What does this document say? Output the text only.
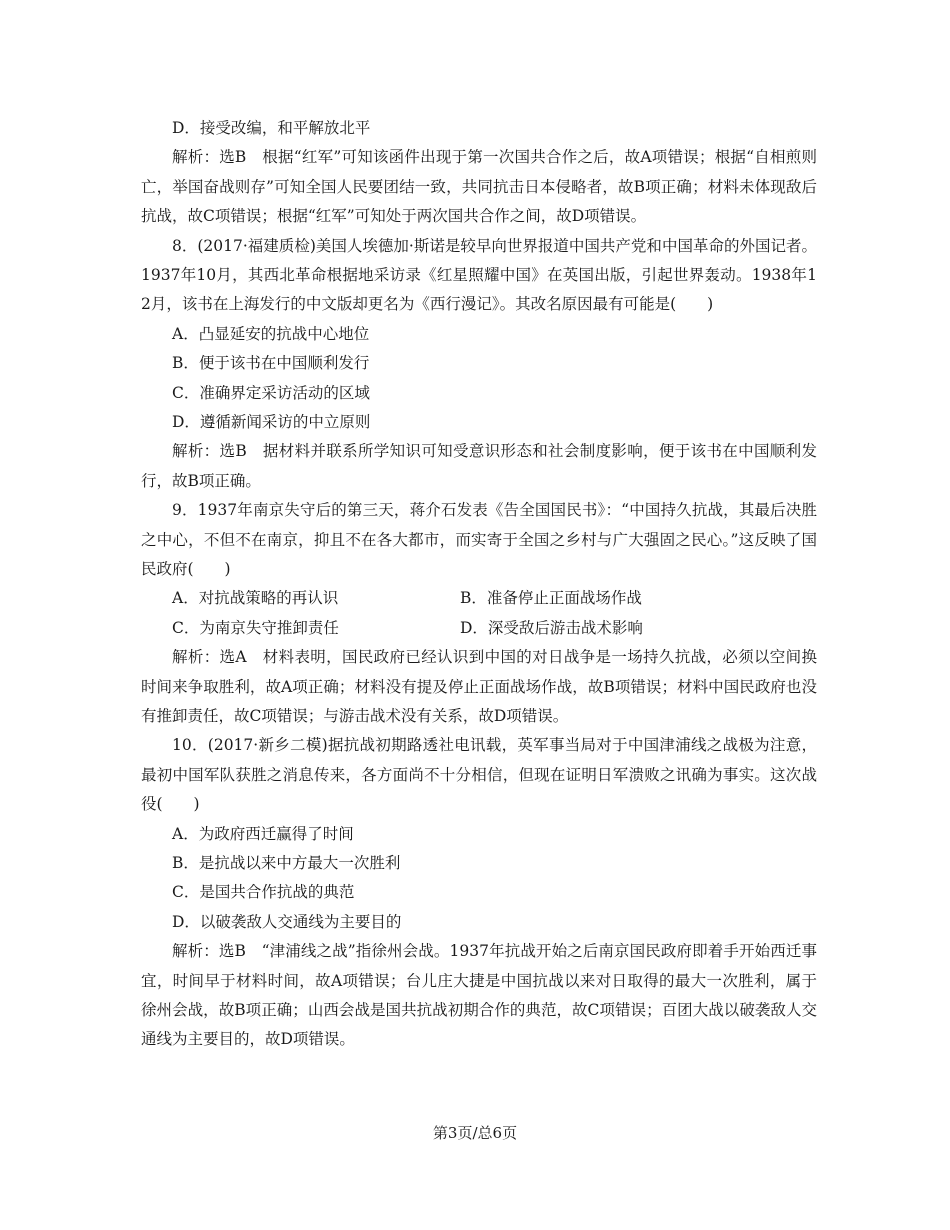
D．接受改编，和平解放北平

解析：选B　根据“红军”可知该函件出现于第一次国共合作之后，故A项错误；根据“自相煎则亡，举国奋战则存”可知全国人民要团结一致，共同抗击日本侵略者，故B项正确；材料未体现敌后抗战，故C项错误；根据“红军”可知处于两次国共合作之间，故D项错误。

8．(2017·福建质检)美国人埃德加·斯诺是较早向世界报道中国共产党和中国革命的外国记者。1937年10月，其西北革命根据地采访录《红星照耀中国》在英国出版，引起世界轰动。1938年12月，该书在上海发行的中文版却更名为《西行漫记》。其改名原因最有可能是(　　)

A．凸显延安的抗战中心地位
B．便于该书在中国顺利发行
C．准确界定采访活动的区域
D．遵循新闻采访的中立原则

解析：选B　据材料并联系所学知识可知受意识形态和社会制度影响，便于该书在中国顺利发行，故B项正确。

9．1937年南京失守后的第三天，蒋介石发表《告全国国民书》：“中国持久抗战，其最后决胜之中心，不但不在南京，抑且不在各大都市，而实寄于全国之乡村与广大强固之民心。”这反映了国民政府(　　)

A．对抗战策略的再认识	B．准备停止正面战场作战
C．为南京失守推卸责任	D．深受敌后游击战术影响

解析：选A　材料表明，国民政府已经认识到中国的对日战争是一场持久抗战，必须以空间换时间来争取胜利，故A项正确；材料没有提及停止正面战场作战，故B项错误；材料中国民政府也没有推卸责任，故C项错误；与游击战术没有关系，故D项错误。

10．(2017·新乡二模)据抗战初期路透社电讯载，英军事当局对于中国津浦线之战极为注意，最初中国军队获胜之消息传来，各方面尚不十分相信，但现在证明日军溃败之讯确为事实。这次战役(　　)

A．为政府西迁赢得了时间
B．是抗战以来中方最大一次胜利
C．是国共合作抗战的典范
D．以破袭敌人交通线为主要目的

解析：选B　“津浦线之战”指徐州会战。1937年抗战开始之后南京国民政府即着手开始西迁事宜，时间早于材料时间，故A项错误；台儿庄大捷是中国抗战以来对日取得的最大一次胜利，属于徐州会战，故B项正确；山西会战是国共抗战初期合作的典范，故C项错误；百团大战以破袭敌人交通线为主要目的，故D项错误。

第3页/总6页
